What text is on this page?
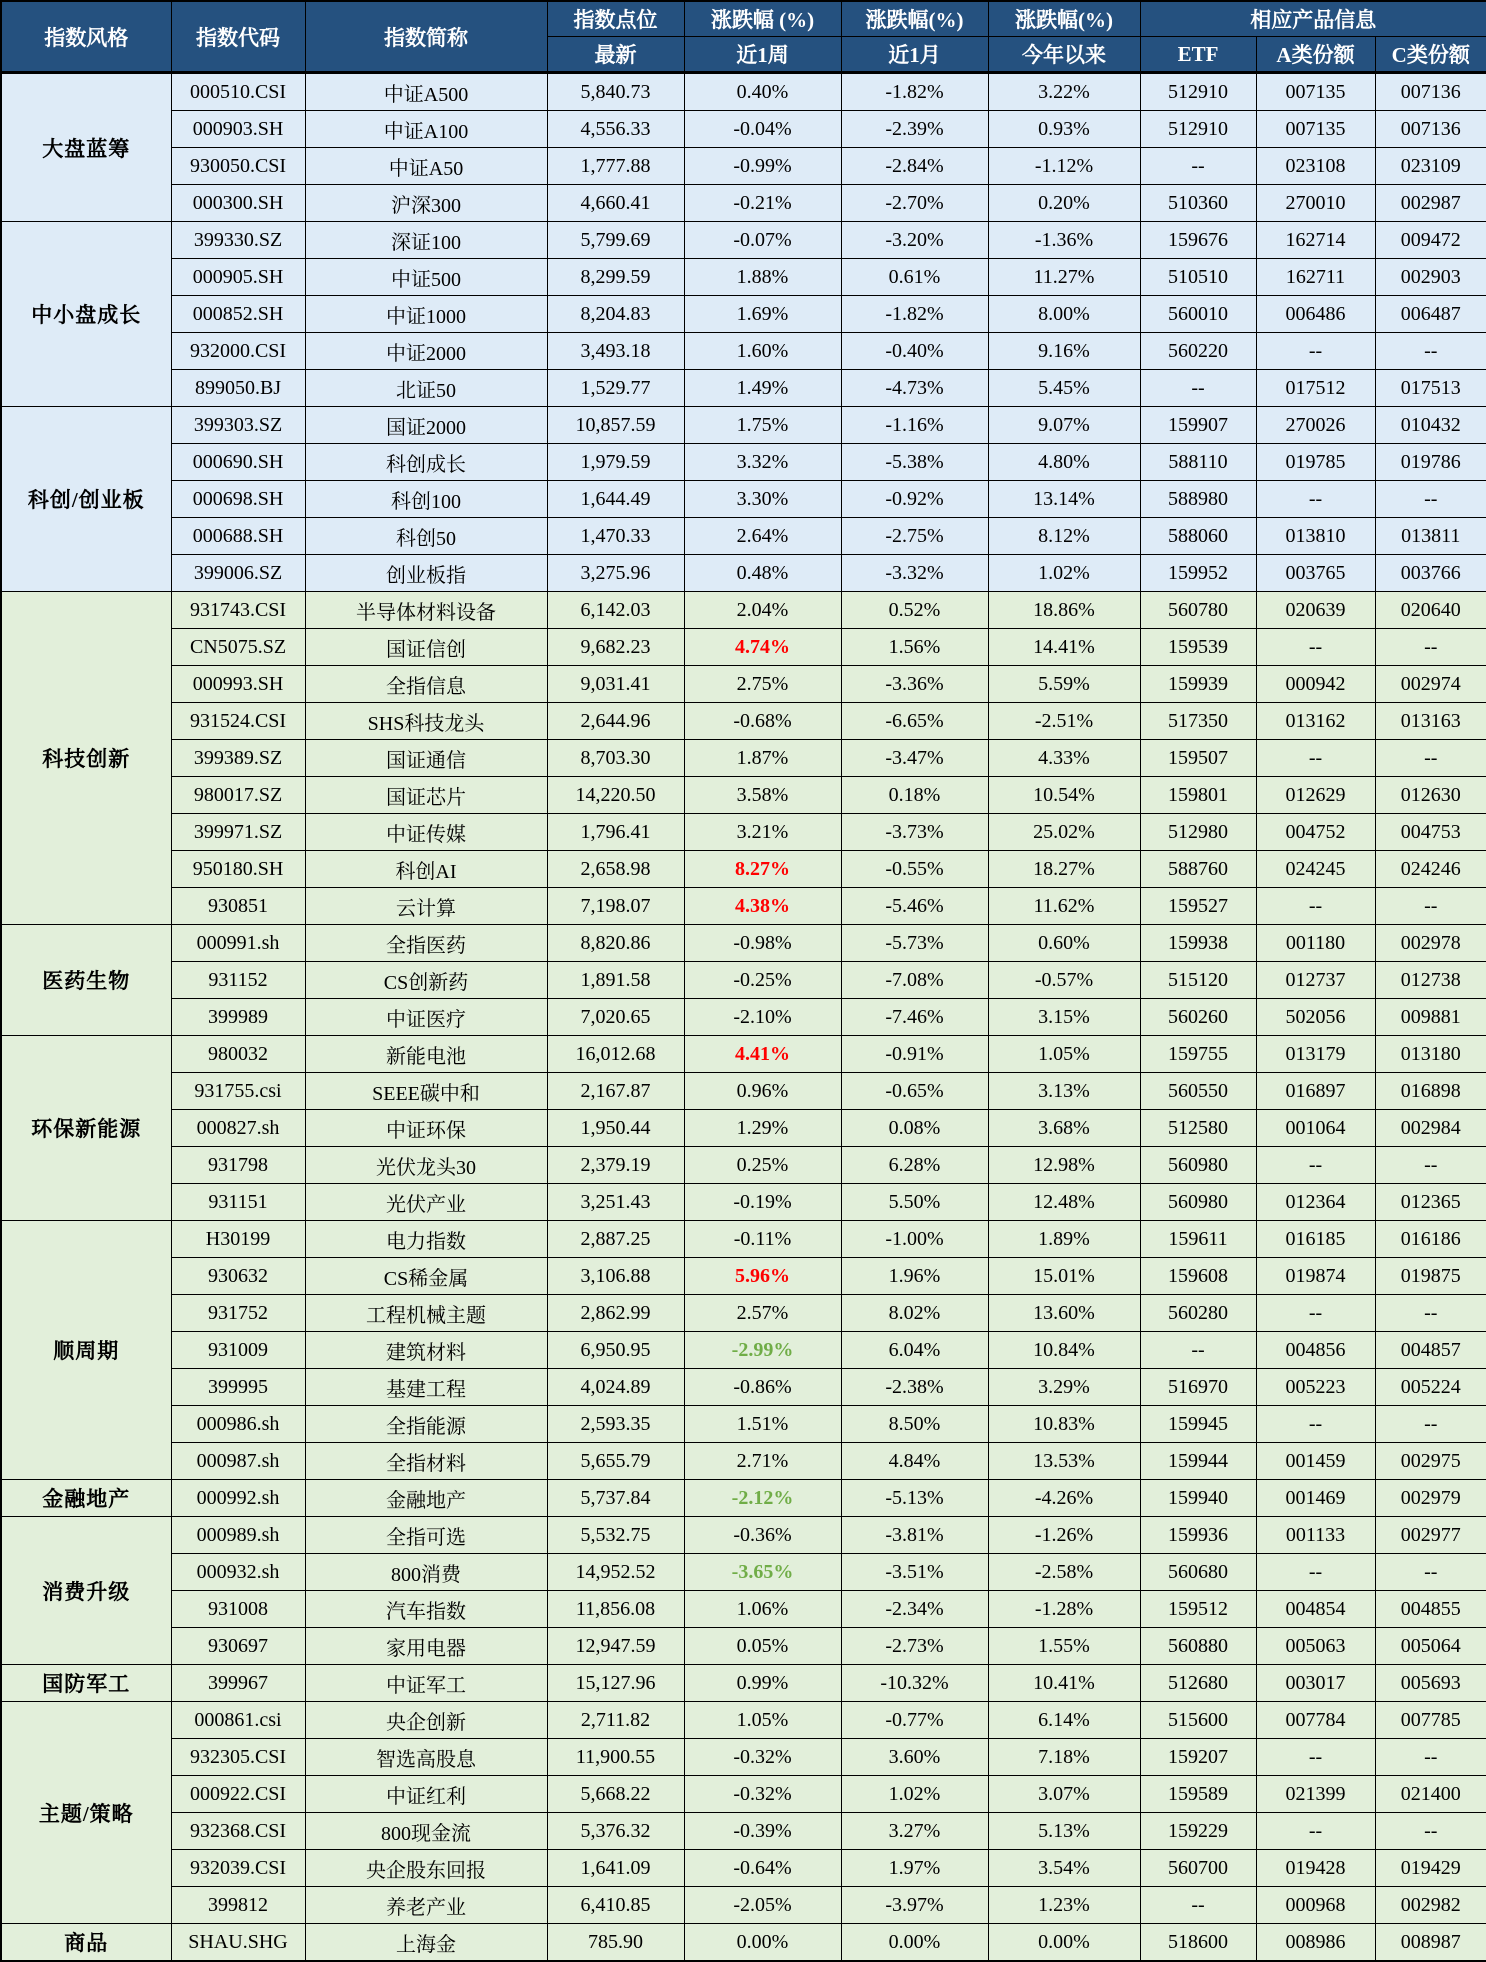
指数风格	指数代码	指数简称	指数点位	涨跌幅 (%)	涨跌幅(%)	涨跌幅(%)	相应产品信息		
			最新	近1周	近1月	今年以来	ETF	A类份额	C类份额
大盘蓝筹	000510.CSI	中证A500	5,840.73	0.40%	-1.82%	3.22%	512910	007135	007136
	000903.SH	中证A100	4,556.33	-0.04%	-2.39%	0.93%	512910	007135	007136
	930050.CSI	中证A50	1,777.88	-0.99%	-2.84%	-1.12%	--	023108	023109
	000300.SH	沪深300	4,660.41	-0.21%	-2.70%	0.20%	510360	270010	002987
中小盘成长	399330.SZ	深证100	5,799.69	-0.07%	-3.20%	-1.36%	159676	162714	009472
	000905.SH	中证500	8,299.59	1.88%	0.61%	11.27%	510510	162711	002903
	000852.SH	中证1000	8,204.83	1.69%	-1.82%	8.00%	560010	006486	006487
	932000.CSI	中证2000	3,493.18	1.60%	-0.40%	9.16%	560220	--	--
	899050.BJ	北证50	1,529.77	1.49%	-4.73%	5.45%	--	017512	017513
科创/创业板	399303.SZ	国证2000	10,857.59	1.75%	-1.16%	9.07%	159907	270026	010432
	000690.SH	科创成长	1,979.59	3.32%	-5.38%	4.80%	588110	019785	019786
	000698.SH	科创100	1,644.49	3.30%	-0.92%	13.14%	588980	--	--
	000688.SH	科创50	1,470.33	2.64%	-2.75%	8.12%	588060	013810	013811
	399006.SZ	创业板指	3,275.96	0.48%	-3.32%	1.02%	159952	003765	003766
科技创新	931743.CSI	半导体材料设备	6,142.03	2.04%	0.52%	18.86%	560780	020639	020640
	CN5075.SZ	国证信创	9,682.23	4.74%	1.56%	14.41%	159539	--	--
	000993.SH	全指信息	9,031.41	2.75%	-3.36%	5.59%	159939	000942	002974
	931524.CSI	SHS科技龙头	2,644.96	-0.68%	-6.65%	-2.51%	517350	013162	013163
	399389.SZ	国证通信	8,703.30	1.87%	-3.47%	4.33%	159507	--	--
	980017.SZ	国证芯片	14,220.50	3.58%	0.18%	10.54%	159801	012629	012630
	399971.SZ	中证传媒	1,796.41	3.21%	-3.73%	25.02%	512980	004752	004753
	950180.SH	科创AI	2,658.98	8.27%	-0.55%	18.27%	588760	024245	024246
	930851	云计算	7,198.07	4.38%	-5.46%	11.62%	159527	--	--
医药生物	000991.sh	全指医药	8,820.86	-0.98%	-5.73%	0.60%	159938	001180	002978
	931152	CS创新药	1,891.58	-0.25%	-7.08%	-0.57%	515120	012737	012738
	399989	中证医疗	7,020.65	-2.10%	-7.46%	3.15%	560260	502056	009881
环保新能源	980032	新能电池	16,012.68	4.41%	-0.91%	1.05%	159755	013179	013180
	931755.csi	SEEE碳中和	2,167.87	0.96%	-0.65%	3.13%	560550	016897	016898
	000827.sh	中证环保	1,950.44	1.29%	0.08%	3.68%	512580	001064	002984
	931798	光伏龙头30	2,379.19	0.25%	6.28%	12.98%	560980	--	--
	931151	光伏产业	3,251.43	-0.19%	5.50%	12.48%	560980	012364	012365
顺周期	H30199	电力指数	2,887.25	-0.11%	-1.00%	1.89%	159611	016185	016186
	930632	CS稀金属	3,106.88	5.96%	1.96%	15.01%	159608	019874	019875
	931752	工程机械主题	2,862.99	2.57%	8.02%	13.60%	560280	--	--
	931009	建筑材料	6,950.95	-2.99%	6.04%	10.84%	--	004856	004857
	399995	基建工程	4,024.89	-0.86%	-2.38%	3.29%	516970	005223	005224
	000986.sh	全指能源	2,593.35	1.51%	8.50%	10.83%	159945	--	--
	000987.sh	全指材料	5,655.79	2.71%	4.84%	13.53%	159944	001459	002975
金融地产	000992.sh	金融地产	5,737.84	-2.12%	-5.13%	-4.26%	159940	001469	002979
消费升级	000989.sh	全指可选	5,532.75	-0.36%	-3.81%	-1.26%	159936	001133	002977
	000932.sh	800消费	14,952.52	-3.65%	-3.51%	-2.58%	560680	--	--
	931008	汽车指数	11,856.08	1.06%	-2.34%	-1.28%	159512	004854	004855
	930697	家用电器	12,947.59	0.05%	-2.73%	1.55%	560880	005063	005064
国防军工	399967	中证军工	15,127.96	0.99%	-10.32%	10.41%	512680	003017	005693
主题/策略	000861.csi	央企创新	2,711.82	1.05%	-0.77%	6.14%	515600	007784	007785
	932305.CSI	智选高股息	11,900.55	-0.32%	3.60%	7.18%	159207	--	--
	000922.CSI	中证红利	5,668.22	-0.32%	1.02%	3.07%	159589	021399	021400
	932368.CSI	800现金流	5,376.32	-0.39%	3.27%	5.13%	159229	--	--
	932039.CSI	央企股东回报	1,641.09	-0.64%	1.97%	3.54%	560700	019428	019429
	399812	养老产业	6,410.85	-2.05%	-3.97%	1.23%	--	000968	002982
商品	SHAU.SHG	上海金	785.90	0.00%	0.00%	0.00%	518600	008986	008987
